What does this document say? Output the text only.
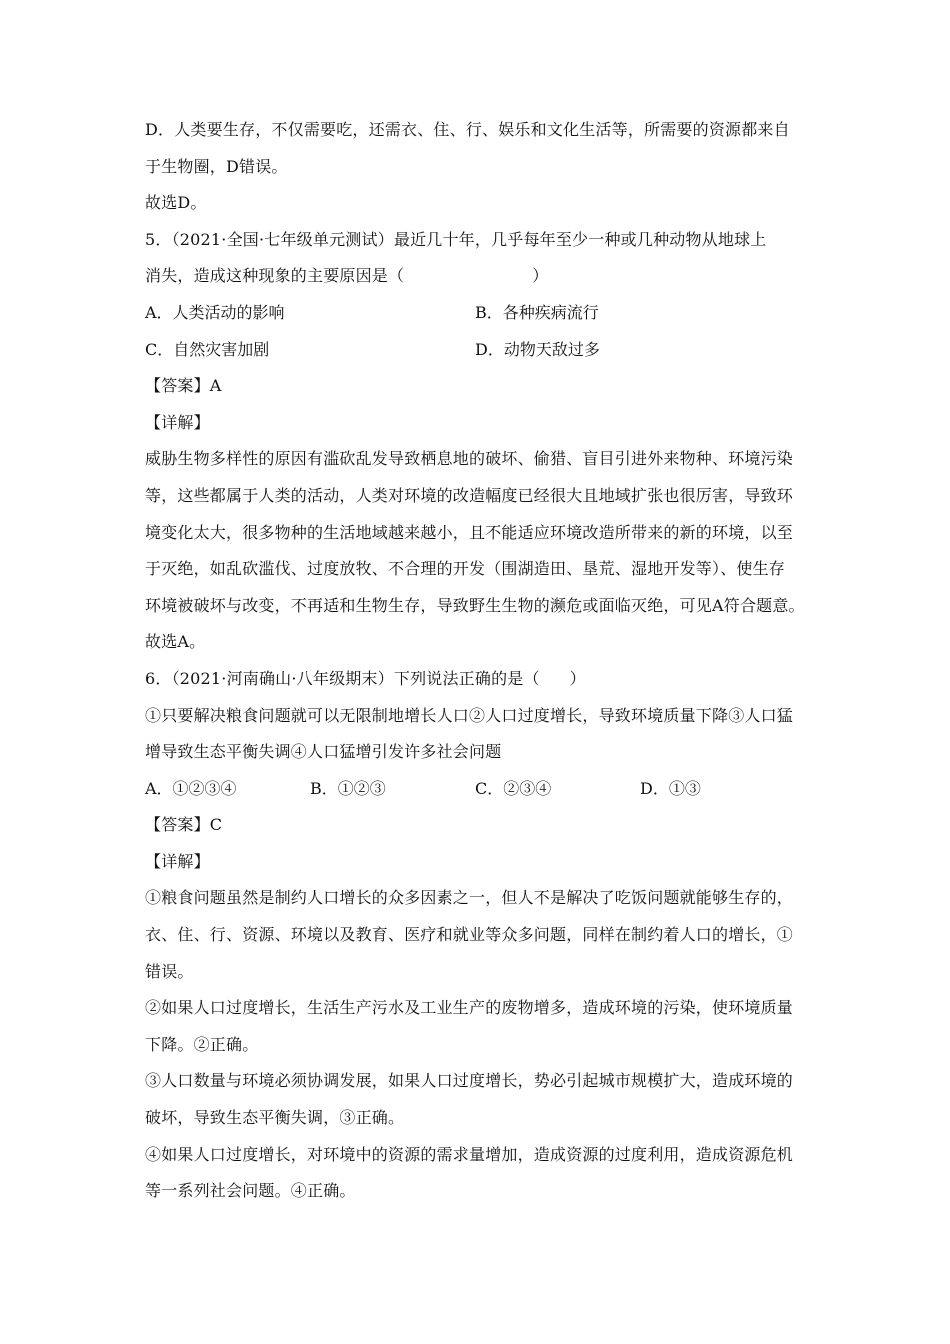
D．人类要生存，不仅需要吃，还需衣、住、行、娱乐和文化生活等，所需要的资源都来自
于生物圈，D错误。
故选D。
5．（2021·全国·七年级单元测试）最近几十年，几乎每年至少一种或几种动物从地球上
消失，造成这种现象的主要原因是（	）
A．人类活动的影响	B．各种疾病流行
C．自然灾害加剧	D．动物天敌过多
【答案】A
【详解】
威胁生物多样性的原因有滥砍乱发导致栖息地的破坏、偷猎、盲目引进外来物种、环境污染
等，这些都属于人类的活动，人类对环境的改造幅度已经很大且地域扩张也很厉害，导致环
境变化太大，很多物种的生活地域越来越小，且不能适应环境改造所带来的新的环境，以至
于灭绝，如乱砍滥伐、过度放牧、不合理的开发（围湖造田、垦荒、湿地开发等）、使生存
环境被破坏与改变，不再适和生物生存，导致野生生物的濒危或面临灭绝，可见A符合题意。
故选A。
6．（2021·河南确山·八年级期末）下列说法正确的是（ ）
①只要解决粮食问题就可以无限制地增长人口②人口过度增长，导致环境质量下降③人口猛
增导致生态平衡失调④人口猛增引发许多社会问题
A．①②③④	B．①②③	C．②③④	D．①③
【答案】C
【详解】
①粮食问题虽然是制约人口增长的众多因素之一，但人不是解决了吃饭问题就能够生存的，
衣、住、行、资源、环境以及教育、医疗和就业等众多问题，同样在制约着人口的增长，①
错误。
②如果人口过度增长，生活生产污水及工业生产的废物增多，造成环境的污染，使环境质量
下降。②正确。
③人口数量与环境必须协调发展，如果人口过度增长，势必引起城市规模扩大，造成环境的
破坏，导致生态平衡失调，③正确。
④如果人口过度增长，对环境中的资源的需求量增加，造成资源的过度利用，造成资源危机
等一系列社会问题。④正确。
